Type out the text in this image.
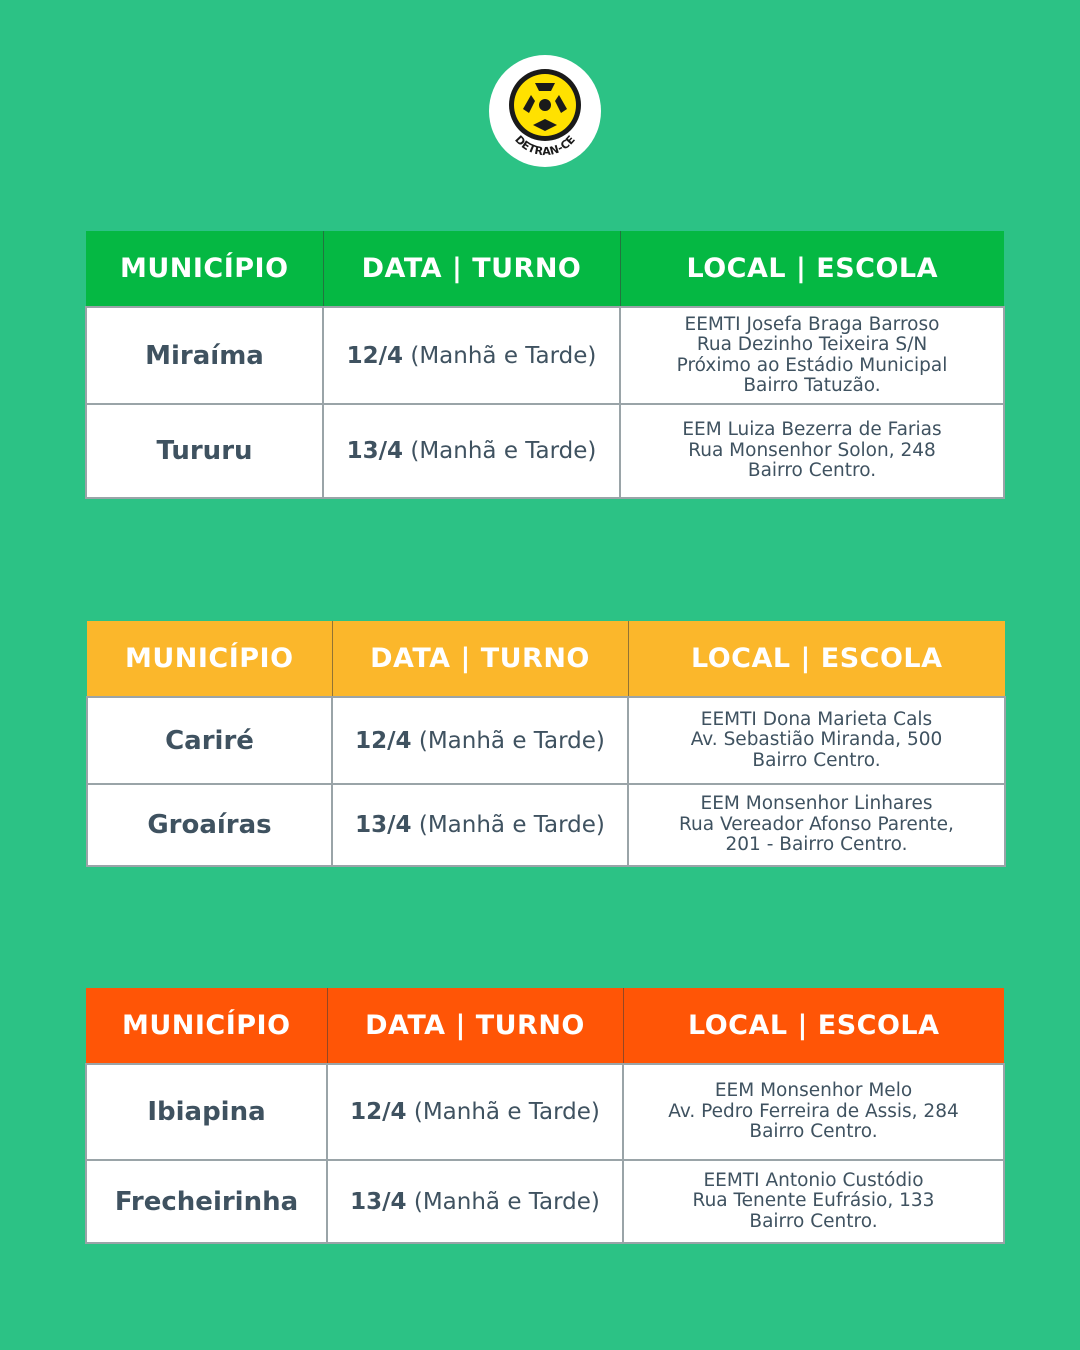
DETRAN-CE
MUNICÍPIO	DATA | TURNO	LOCAL | ESCOLA
Miraíma	12/4 (Manhã e Tarde)	EEMTI Josefa Braga Barroso
Rua Dezinho Teixeira S/N
Próximo ao Estádio Municipal
Bairro Tatuzão.

Tururu	13/4 (Manhã e Tarde)	EEM Luiza Bezerra de Farias
Rua Monsenhor Solon, 248
Bairro Centro.
MUNICÍPIO	DATA | TURNO	LOCAL | ESCOLA
Cariré	12/4 (Manhã e Tarde)	EEMTI Dona Marieta Cals
Av. Sebastião Miranda, 500
Bairro Centro.

Groaíras	13/4 (Manhã e Tarde)	EEM Monsenhor Linhares
Rua Vereador Afonso Parente,
201 - Bairro Centro.
MUNICÍPIO	DATA | TURNO	LOCAL | ESCOLA
Ibiapina	12/4 (Manhã e Tarde)	EEM Monsenhor Melo
Av. Pedro Ferreira de Assis, 284
Bairro Centro.

Frecheirinha	13/4 (Manhã e Tarde)	EEMTI Antonio Custódio
Rua Tenente Eufrásio, 133
Bairro Centro.
